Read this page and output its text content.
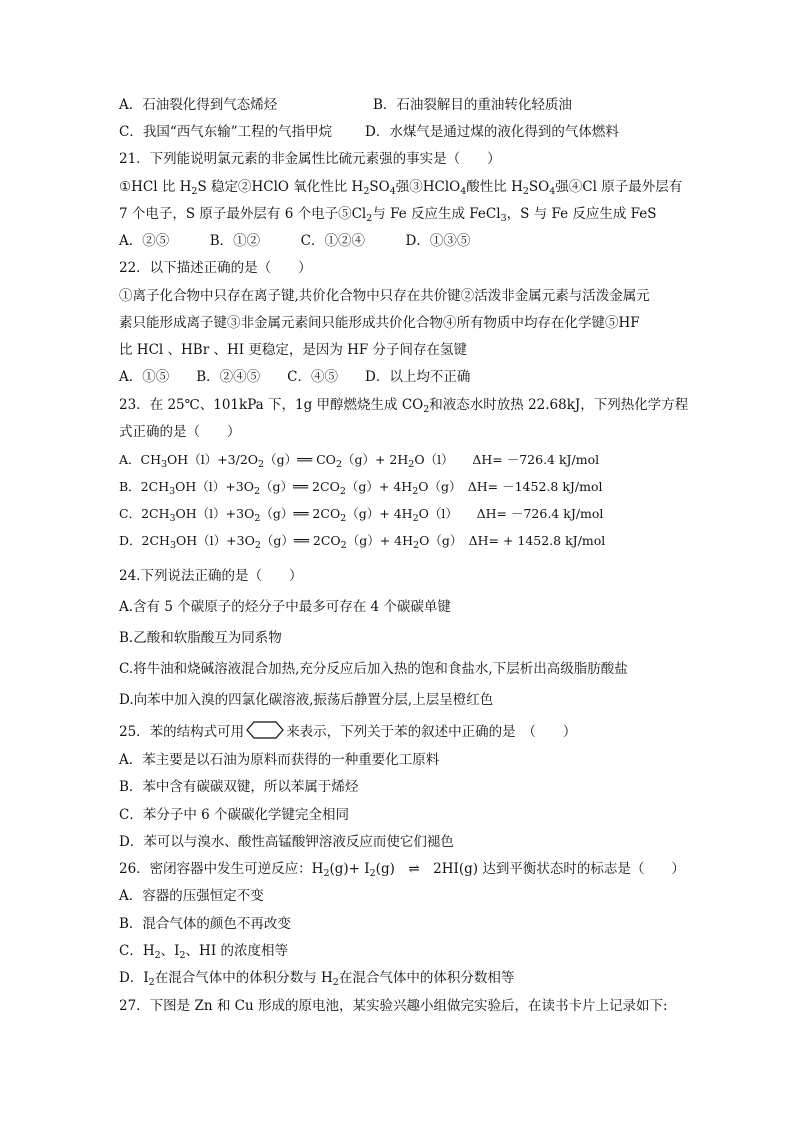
A．石油裂化得到气态烯烃	B．石油裂解目的重油转化轻质油
C．我国“西气东输”工程的气指甲烷 D．水煤气是通过煤的液化得到的气体燃料
21．下列能说明氯元素的非金属性比硫元素强的事实是（　　）
①HCl 比 $H_2S$ 稳定②HClO 氧化性比 $H_2SO_4$强③HClO$_4$酸性比 $H_2SO_4$强④Cl 原子最外层有
7 个电子，S 原子最外层有 6 个电子$⑤Cl_2$与 Fe 反应生成 FeCl$_3$，S 与 Fe 反应生成 FeS
A．②⑤　　　B．①②　　　C．①②④　　　D．①③⑤
22．以下描述正确的是（　　）
①离子化合物中只存在离子键,共价化合物中只存在共价键②活泼非金属元素与活泼金属元
素只能形成离子键③非金属元素间只能形成共价化合物④所有物质中均存在化学键⑤HF
比 HCl 、HBr 、HI 更稳定，是因为 HF 分子间存在氢键
A．①⑤　　B．②④⑤　　C．④⑤　　D．以上均不正确
23．在 25℃、101kPa 下，1g 甲醇燃烧生成 $CO_2$和液态水时放热 22.68kJ，下列热化学方程
式正确的是（　　）
A．$CH_3OH(l)+3/2O_2(g)══$ $CO_2(g)+ 2H_2O(l)$　　ΔH= －726.4 kJ/mol
B．$2CH_3OH(l)+3O_2(g)══$ $2CO_2(g)+ 4H_2O(g)$　ΔH= －1452.8 kJ/mol
C．$2CH_3OH(l)+3O_2(g)══$ $2CO_2(g)+ 4H_2O(l)$　　ΔH= －726.4 kJ/mol
D．$2CH_3OH(l)+3O_2(g)══$ $2CO_2(g)+ 4H_2O(g)$　ΔH= + 1452.8 kJ/mol
24.下列说法正确的是（　　）
A.含有 5 个碳原子的烃分子中最多可存在 4 个碳碳单键
B.乙酸和软脂酸互为同系物
C.将牛油和烧碱溶液混合加热,充分反应后加入热的饱和食盐水,下层析出高级脂肪酸盐
D.向苯中加入溴的四氯化碳溶液,振荡后静置分层,上层呈橙红色
25．苯的结构式可用	来表示，下列关于苯的叙述中正确的是　（　　）
A．苯主要是以石油为原料而获得的一种重要化工原料
B．苯中含有碳碳双键，所以苯属于烯烃
C．苯分子中 6 个碳碳化学键完全相同
D．苯可以与溴水、酸性高锰酸钾溶液反应而使它们褪色
26．密闭容器中发生可逆反应：$H_2(g)+ I_2(g)$　⇌　2HI(g) 达到平衡状态时的标志是（　　）
A．容器的压强恒定不变
B．混合气体的颜色不再改变
C．$H_2$、$I_2$、HI 的浓度相等
D．$I_2$在混合气体中的体积分数与 $H_2$在混合气体中的体积分数相等
27．下图是 Zn 和 Cu 形成的原电池，某实验兴趣小组做完实验后，在读书卡片上记录如下:
